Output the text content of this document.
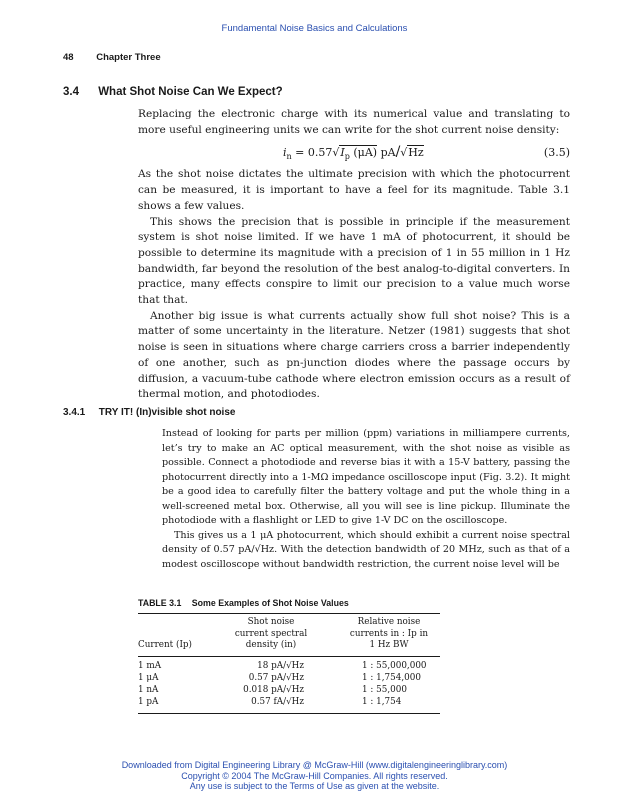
Fundamental Noise Basics and Calculations
48 Chapter Three
3.4 What Shot Noise Can We Expect?

Replacing the electronic charge with its numerical value and translating to more useful engineering units we can write for the shot current noise density:

$i_n = 0.57√I_p$ (μA) pA/√Hz	(3.5)

As the shot noise dictates the ultimate precision with which the photocurrent can be measured, it is important to have a feel for its magnitude. Table 3.1 shows a few values.

This shows the precision that is possible in principle if the measurement system is shot noise limited. If we have 1 mA of photocurrent, it should be possible to determine its magnitude with a precision of 1 in 55 million in 1 Hz bandwidth, far beyond the resolution of the best analog-to-digital converters. In practice, many effects conspire to limit our precision to a value much worse that that.

Another big issue is what currents actually show full shot noise? This is a matter of some uncertainty in the literature. Netzer (1981) suggests that shot noise is seen in situations where charge carriers cross a barrier independently of one another, such as pn-junction diodes where the passage occurs by diffusion, a vacuum-tube cathode where electron emission occurs as a result of thermal motion, and photodiodes.

3.4.1 TRY IT! (In)visible shot noise

Instead of looking for parts per million (ppm) variations in milliampere currents, let’s try to make an AC optical measurement, with the shot noise as visible as possible. Connect a photodiode and reverse bias it with a 15-V battery, passing the photocurrent directly into a 1-MΩ impedance oscilloscope input (Fig. 3.2). It might be a good idea to carefully filter the battery voltage and put the whole thing in a well-screened metal box. Otherwise, all you will see is line pickup. Illuminate the photodiode with a flashlight or LED to give 1-V DC on the oscilloscope.

This gives us a 1 μA photocurrent, which should exhibit a current noise spectral density of 0.57 pA/√Hz. With the detection bandwidth of 20 MHz, such as that of a modest oscilloscope without bandwidth restriction, the current noise level will be

TABLE 3.1 Some Examples of Shot Noise Values
Current (Ip)
Shot noise
current spectral
density (in)
Relative noise
currents in : Ip in
1 Hz BW
1 mA	18 pA/√Hz	1 : 55,000,000
1 μA	0.57 pA/√Hz	1 : 1,754,000
1 nA	0.018 pA/√Hz	1 : 55,000
1 pA	0.57 fA/√Hz	1 : 1,754
Downloaded from Digital Engineering Library @ McGraw-Hill (www.digitalengineeringlibrary.com)
Copyright © 2004 The McGraw-Hill Companies. All rights reserved.
Any use is subject to the Terms of Use as given at the website.
